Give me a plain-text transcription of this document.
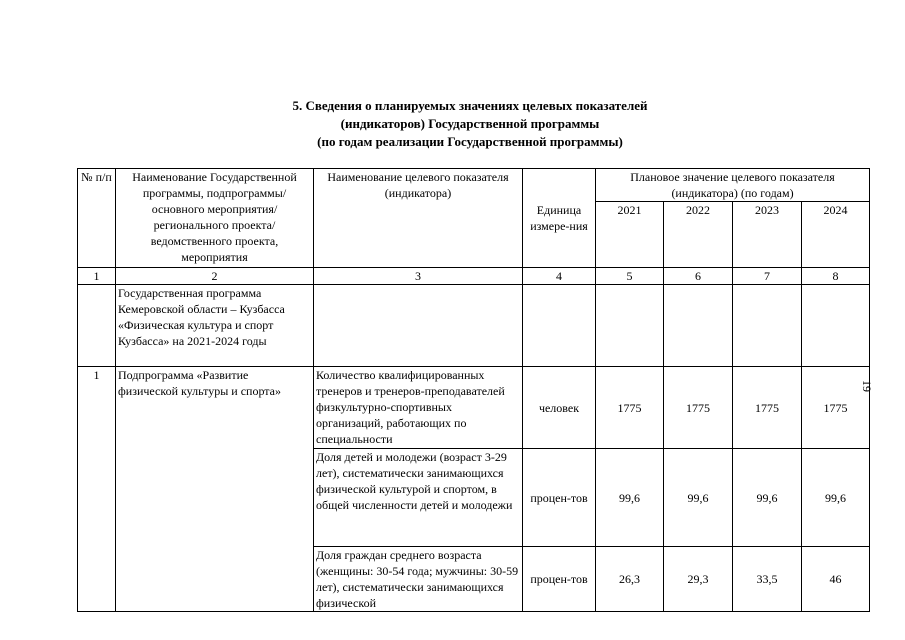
5. Сведения о планируемых значениях целевых показателей
(индикаторов) Государственной программы
(по годам реализации Государственной программы)
19
№ п/п	Наименование Государственной программы, подпрограммы/основного мероприятия/регионального проекта/ведомственного проекта, мероприятия	Наименование целевого показателя (индикатора)	Единица измере-ния	Плановое значение целевого показателя (индикатора) (по годам)			
				2021	2022	2023	2024
1	2	3	4	5	6	7	8
	Государственная программа Кемеровской области – Кузбасса «Физическая культура и спорт Кузбасса» на 2021-2024 годы						
1	Подпрограмма «Развитие физической культуры и спорта»	Количество квалифицированных тренеров и тренеров-преподавателей физкультурно-спортивных организаций, работающих по специальности	человек	1775	1775	1775	1775
		Доля детей и молодежи (возраст 3-29 лет), систематически занимающихся физической культурой и спортом, в общей численности детей и молодежи	процен-тов	99,6	99,6	99,6	99,6
		Доля граждан среднего возраста (женщины: 30-54 года; мужчины: 30-59 лет), систематически занимающихся физической	процен-тов	26,3	29,3	33,5	46
